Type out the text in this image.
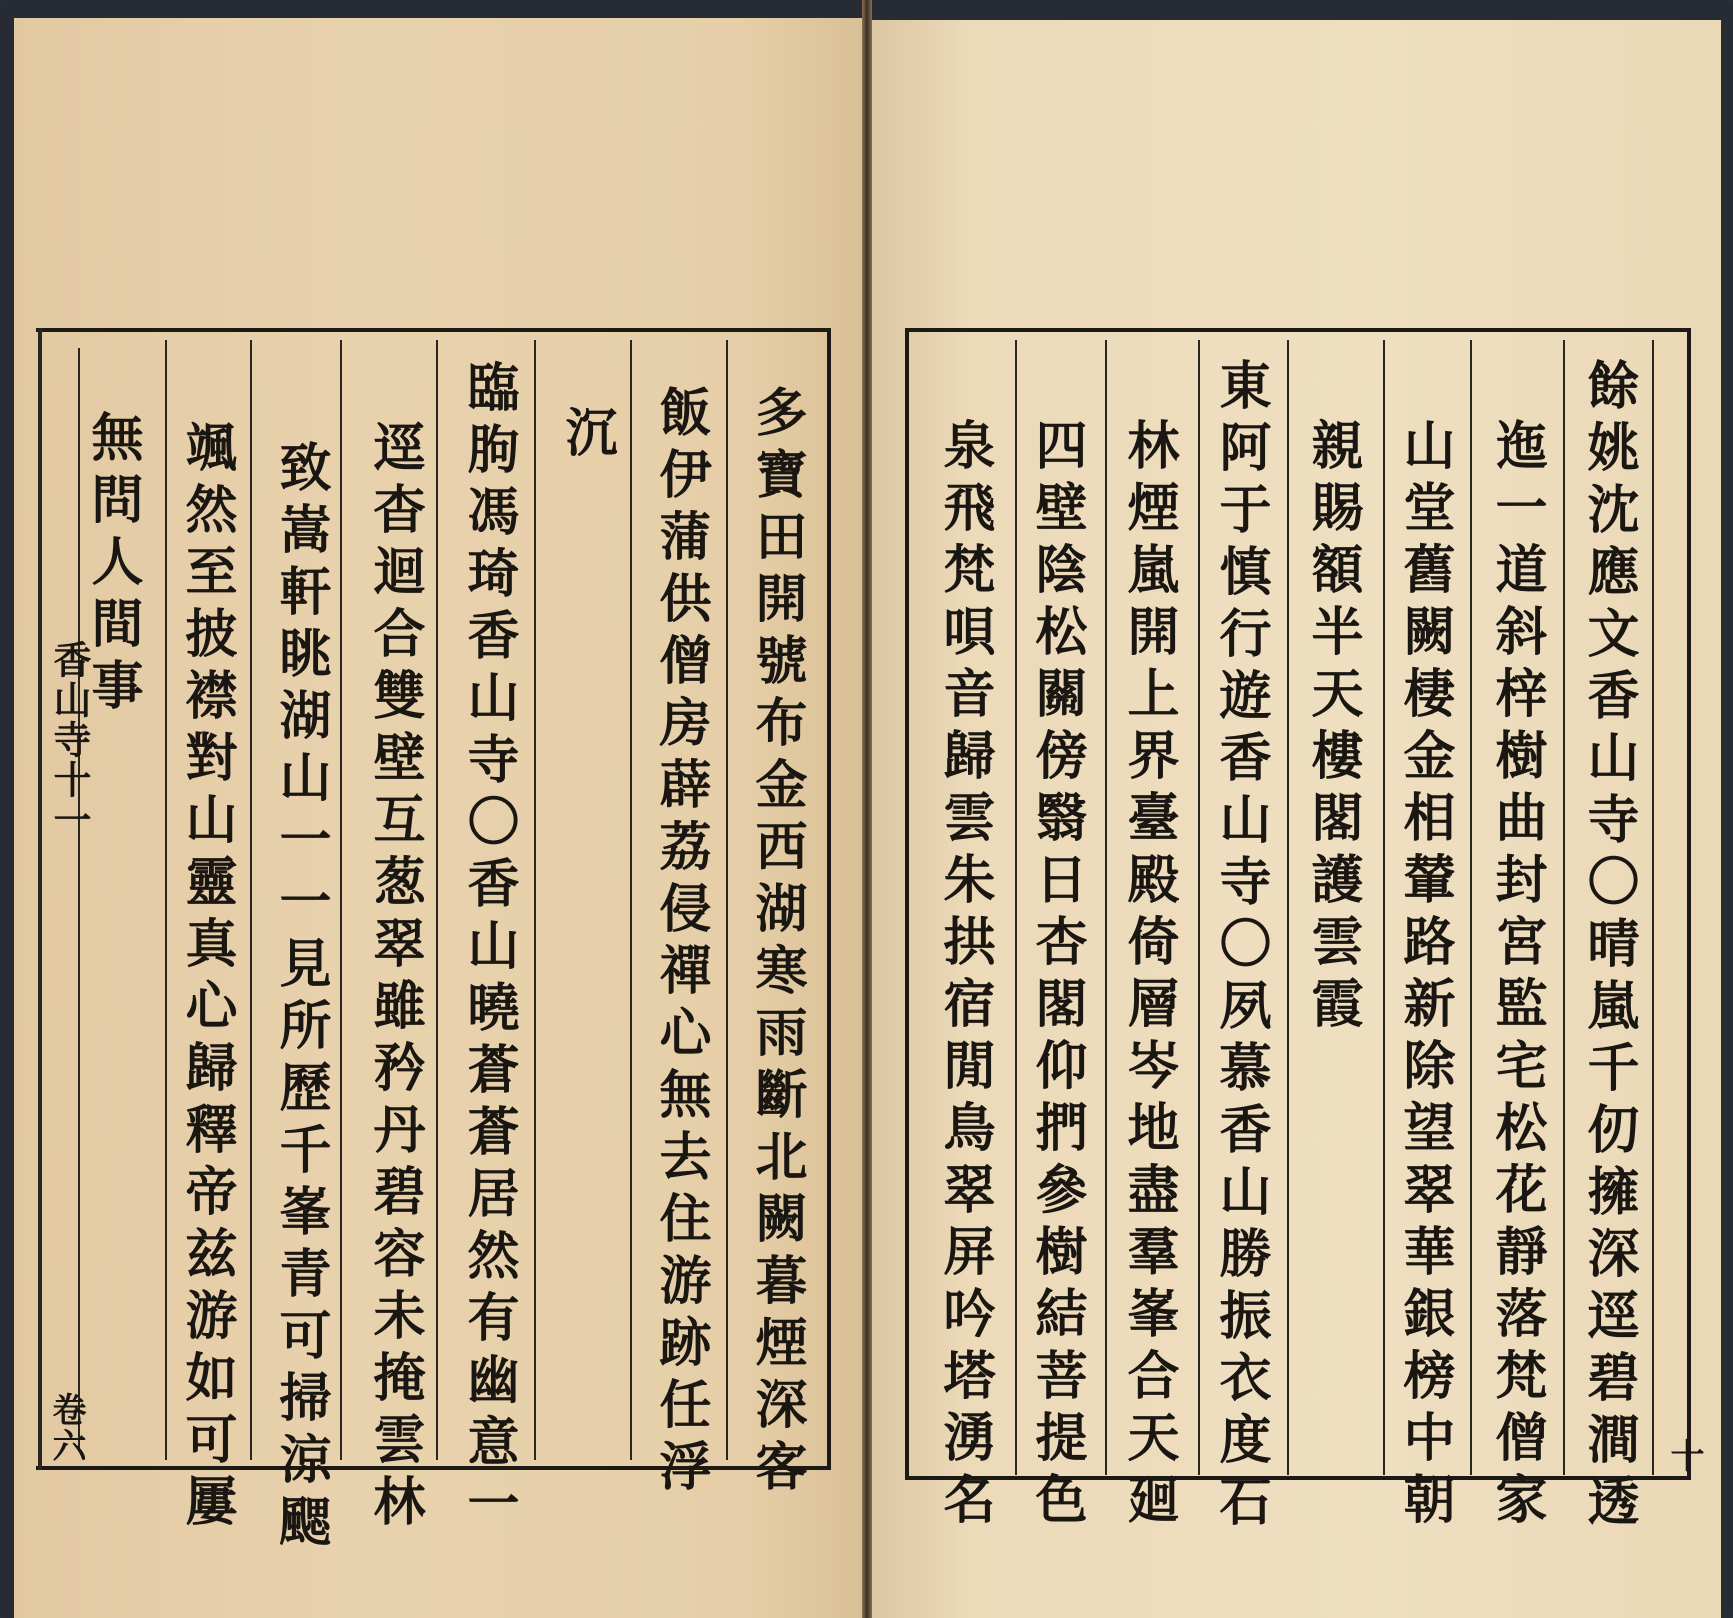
香山寺十一
卷六	多寶田開號布金西湖寒雨斷北闕暮煙深客
飯伊蒲供僧房薜荔侵禪心無去住游跡任浮
沉
臨朐馮琦香山寺〇香山曉蒼蒼居然有幽意一
逕杳迴合雙壁互葱翠雖矜丹碧容未掩雲林
致嵩軒眺湖山一一見所歷千峯青可掃涼颸
颯然至披襟對山靈真心歸釋帝兹游如可屢
無問人間事
十
餘姚沈應文香山寺〇晴嵐千仞擁深逕碧澗透
迤一道斜梓樹曲封宮監宅松花靜落梵僧家
山堂舊闕棲金相輦路新除望翠華銀榜中朝
親賜額半天樓閣護雲霞
東阿于慎行遊香山寺〇夙慕香山勝振衣度石
林煙嵐開上界臺殿倚層岑地盡羣峯合天廻
四壁陰松關傍翳日杏閣仰捫參樹結菩提色
泉飛梵唄音歸雲朱拱宿閒鳥翠屏吟塔湧名
